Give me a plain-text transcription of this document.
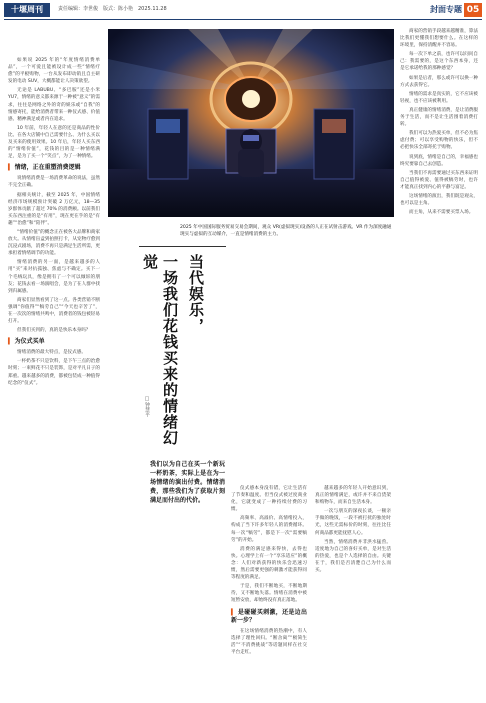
十堰周刊	责任编辑：李世俊　版式：陈小艳　2025.11.28	封面专题 05

如果说 2025 年的“年度情绪消费单品”，一个可爱且能被设计成一些“情绪疗愈”的平板购物，一台从发布即动销且自主研发的电动 SUV，大概都能让人决策欲望。

无论是 LABUBU、“多巴胺”还是小米 YU7，情绪的意义都来源于一种被“意义”的需求，往往是网络之外的奇的娱乐或“自我”的情感寄托，能给消费者带来一种仪式感、价值感、精神满足或者内在追求。

10 年前，年轻人在意的还是商品的性价比、在各大店铺中自己需要什么、为什么买以及买来的使用效果。10 年后，年轻人买东西的“情绪价值”，花钱的目的是一种情绪满足，是为了买一个“笑点”，为了一种情绪。

▍ 情绪，正在重塑消费逻辑

说情绪消费是一场消费革命的说法，虽然不完全正确。

据相关统计，截至 2025 年，中国情绪经济市场规模预计突破 2 万亿元，18—35 岁群体贡献了超过 70% 的消费额。以前我们买东西注重的是“有用”，现在更在乎的是“有趣”“治愈”和“陪伴”。

“情绪价值”的概念正在被各大品牌和商家放大。从情绪盲盒到拍照打卡，从宠物疗愈到沉浸式剧场，消费不再只是满足生活所需，更承担着情绪调节的功能。

情绪消费的另一面，是越来越多的人用“买”来对抗孤独、焦虑与不确定。买下一个毛绒玩具，像是拥有了一个可以倾诉的朋友；花钱去看一场演唱会，是为了在人群中找到归属感。

商家们显然看到了这一点。各类营销不断强调“你值得”“犒劳自己”“今天也辛苦了”，在一次次的情绪共鸣中，消费者的钱包被轻易打开。

但我们买到的，真的是快乐本身吗？

▍ 为仪式买单

情绪消费的最大特点，是仪式感。

一杯奶茶不只是饮料，是下午三点的治愈时刻；一束鲜花不只是装饰，是对平凡日子的郑重。越来越多的消费，都被包装成一种值得纪念的“仪式”。

2025 年中国国际服务贸易交易会期间，观众 VR(虚拟现实)设备的人正在试射击游戏。VR 作为深度融通现实与虚拟的互动媒介，一直是情绪消费的主力。
当代娱乐，
一场我们花钱买来的情绪幻觉
□钟慧平
我们以为自己在买一个新玩一杯奶茶，实际上是在为一场情绪的演出付费。情绪消费，那些我们为了获取片刻满足而付出的代价。

仪式感本身没有错，它让生活有了节奏和温度。但当仪式被过度商业化，它就变成了一种持续付费的习惯。

高频率、高溢价、高情绪投入，构成了当下许多年轻人的消费循环。每一次“犒劳”，都是下一次“需要犒劳”的开始。

消费的满足感来得快，去得也快。心理学上有一个“享乐适应”的概念：人们对新获得的快乐会迅速习惯，然后需要更强的刺激才能获得同等程度的满足。

于是，我们不断地买，不断地期待，又不断地失落。情绪在消费中被短暂安放，却始终没有真正落地。

▍ 是碰碰买刺激，还是边出新一步？

在这场情绪消费的热潮中，有人选择了理性回归。“断舍离”“极简生活”“不消费挑战”等话题同样在社交平台走红。

越来越多的年轻人开始意识到，真正的情绪满足，或许并不来自货架和购物车，而来自生活本身。

一次与朋友的深夜长谈，一顿亲手做的晚饭，一段不被打扰的独处时光，这些无需标价的时刻，往往比任何商品都更能抚慰人心。

当然，情绪消费并非洪水猛兽。适度地为自己的喜好买单，是对生活的热爱，也是个人选择的自由。关键在于，我们是否清楚自己为什么而买。

商家的营销手段越来越精准，算法比我们更懂我们想要什么。在这样的环境里，保持清醒并不容易。

每一次下单之前，也许可以问问自己：我需要的，是这个东西本身，还是它承诺给我的那种感觉？

如果是后者，那么或许可以换一种方式去获得它。

情绪的需求是真实的，它不应该被轻视，也不应该被利用。

真正健康的情绪消费，是让消费服务于生活，而不是让生活围着消费打转。

我们可以为热爱买单，但不必为焦虑付费；可以享受购物的快乐，但不必把快乐全部寄托于购物。

说到底，情绪是自己的，幸福感也终究要靠自己去创造。

当我们不再需要通过买东西来证明自己值得被爱、值得被犒劳时，也许才能真正找到内心的平静与富足。

这场情绪的演出，我们既是观众，也可以是主角。

而主角，从来不需要买票入场。
